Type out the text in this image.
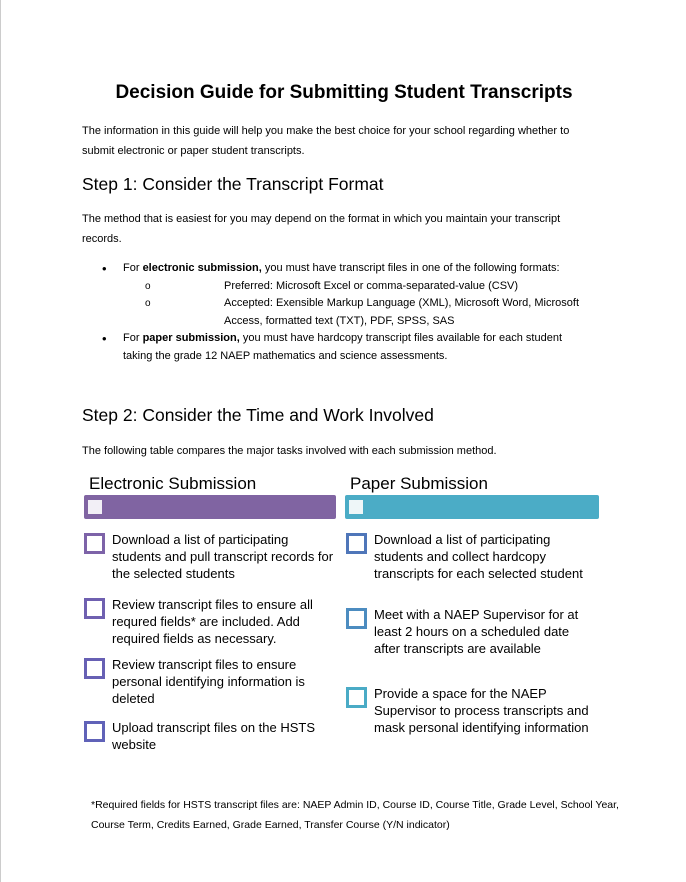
Decision Guide for Submitting Student Transcripts
The information in this guide will help you make the best choice for your school regarding whether to submit electronic or paper student transcripts.
Step 1: Consider the Transcript Format
The method that is easiest for you may depend on the format in which you maintain your transcript records.
• For electronic submission, you must have transcript files in one of the following formats:
o Preferred: Microsoft Excel or comma-separated-value (CSV)
o Accepted: Exensible Markup Language (XML), Microsoft Word, Microsoft Access, formatted text (TXT), PDF, SPSS, SAS
• For paper submission, you must have hardcopy transcript files available for each student taking the grade 12 NAEP mathematics and science assessments.
Step 2: Consider the Time and Work Involved
The following table compares the major tasks involved with each submission method.
Electronic Submission	Paper Submission
Download a list of participating students and pull transcript records for the selected students
Review transcript files to ensure all requred fields* are included. Add required fields as necessary.
Review transcript files to ensure personal identifying information is deleted
Upload transcript files on the HSTS website
Download a list of participating students and collect hardcopy transcripts for each selected student
Meet with a NAEP Supervisor for at least 2 hours on a scheduled date after transcripts are available
Provide a space for the NAEP Supervisor to process transcripts and mask personal identifying information
*Required fields for HSTS transcript files are: NAEP Admin ID, Course ID, Course Title, Grade Level, School Year, Course Term, Credits Earned, Grade Earned, Transfer Course (Y/N indicator)
